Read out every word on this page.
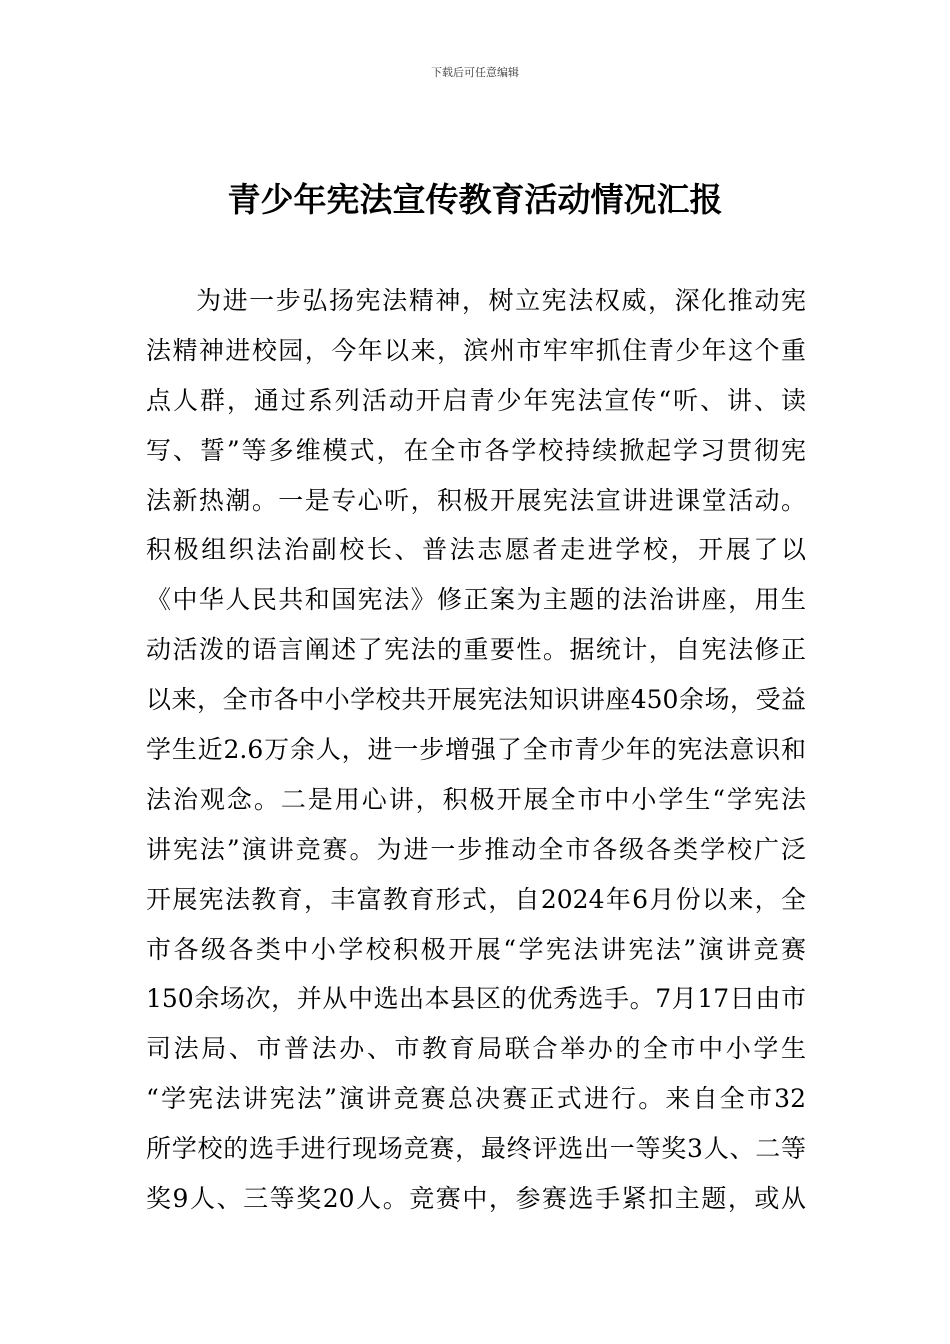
下载后可任意编辑
青少年宪法宣传教育活动情况汇报
为进一步弘扬宪法精神，树立宪法权威，深化推动宪
法精神进校园，今年以来，滨州市牢牢抓住青少年这个重
点人群，通过系列活动开启青少年宪法宣传“听、讲、读
写、誓”等多维模式，在全市各学校持续掀起学习贯彻宪
法新热潮。一是专心听，积极开展宪法宣讲进课堂活动。
积极组织法治副校长、普法志愿者走进学校，开展了以
《中华人民共和国宪法》修正案为主题的法治讲座，用生
动活泼的语言阐述了宪法的重要性。据统计，自宪法修正
以来，全市各中小学校共开展宪法知识讲座450余场，受益
学生近2.6万余人，进一步增强了全市青少年的宪法意识和
法治观念。二是用心讲，积极开展全市中小学生“学宪法
讲宪法”演讲竞赛。为进一步推动全市各级各类学校广泛
开展宪法教育，丰富教育形式，自2024年6月份以来，全
市各级各类中小学校积极开展“学宪法讲宪法”演讲竞赛
150余场次，并从中选出本县区的优秀选手。7月17日由市
司法局、市普法办、市教育局联合举办的全市中小学生
“学宪法讲宪法”演讲竞赛总决赛正式进行。来自全市32
所学校的选手进行现场竞赛，最终评选出一等奖3人、二等
奖9人、三等奖20人。竞赛中，参赛选手紧扣主题，或从
